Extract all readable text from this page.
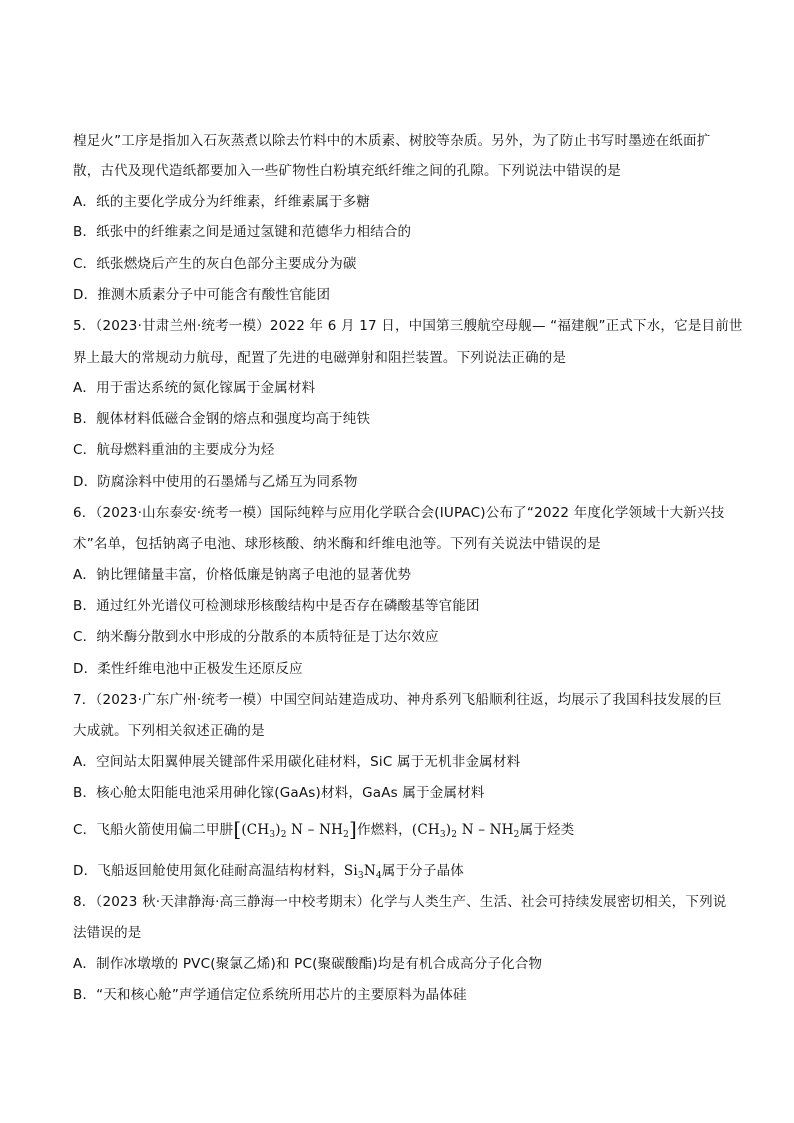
楻足火”工序是指加入石灰蒸煮以除去竹料中的木质素、树胶等杂质。另外，为了防止书写时墨迹在纸面扩
散，古代及现代造纸都要加入一些矿物性白粉填充纸纤维之间的孔隙。下列说法中错误的是
A．纸的主要化学成分为纤维素，纤维素属于多糖
B．纸张中的纤维素之间是通过氢键和范德华力相结合的
C．纸张燃烧后产生的灰白色部分主要成分为碳
D．推测木质素分子中可能含有酸性官能团
5．（2023·甘肃兰州·统考一模）2022 年 6 月 17 日，中国第三艘航空母舰— “福建舰”正式下水，它是目前世
界上最大的常规动力航母，配置了先进的电磁弹射和阻拦装置。下列说法正确的是
A．用于雷达系统的氮化镓属于金属材料
B．舰体材料低磁合金钢的熔点和强度均高于纯铁
C．航母燃料重油的主要成分为烃
D．防腐涂料中使用的石墨烯与乙烯互为同系物
6．（2023·山东泰安·统考一模）国际纯粹与应用化学联合会(IUPAC)公布了“2022 年度化学领域十大新兴技
术”名单，包括钠离子电池、球形核酸、纳米酶和纤维电池等。下列有关说法中错误的是
A．钠比锂储量丰富，价格低廉是钠离子电池的显著优势
B．通过红外光谱仪可检测球形核酸结构中是否存在磷酸基等官能团
C．纳米酶分散到水中形成的分散系的本质特征是丁达尔效应
D．柔性纤维电池中正极发生还原反应
7．（2023·广东广州·统考一模）中国空间站建造成功、神舟系列飞船顺利往返，均展示了我国科技发展的巨
大成就。下列相关叙述正确的是
A．空间站太阳翼伸展关键部件采用碳化硅材料，SiC 属于无机非金属材料
B．核心舱太阳能电池采用砷化镓(GaAs)材料，GaAs 属于金属材料
C．飞船火箭使用偏二甲肼[$(CH_3)_2$ N – $NH_2$]作燃料，$(CH_3)_2$ N – $NH_2$属于烃类
D．飞船返回舱使用氮化硅耐高温结构材料，$Si_3N_4$属于分子晶体
8．（2023 秋·天津静海·高三静海一中校考期末）化学与人类生产、生活、社会可持续发展密切相关，下列说
法错误的是
A．制作冰墩墩的 PVC(聚氯乙烯)和 PC(聚碳酸酯)均是有机合成高分子化合物
B．“天和核心舱”声学通信定位系统所用芯片的主要原料为晶体硅
